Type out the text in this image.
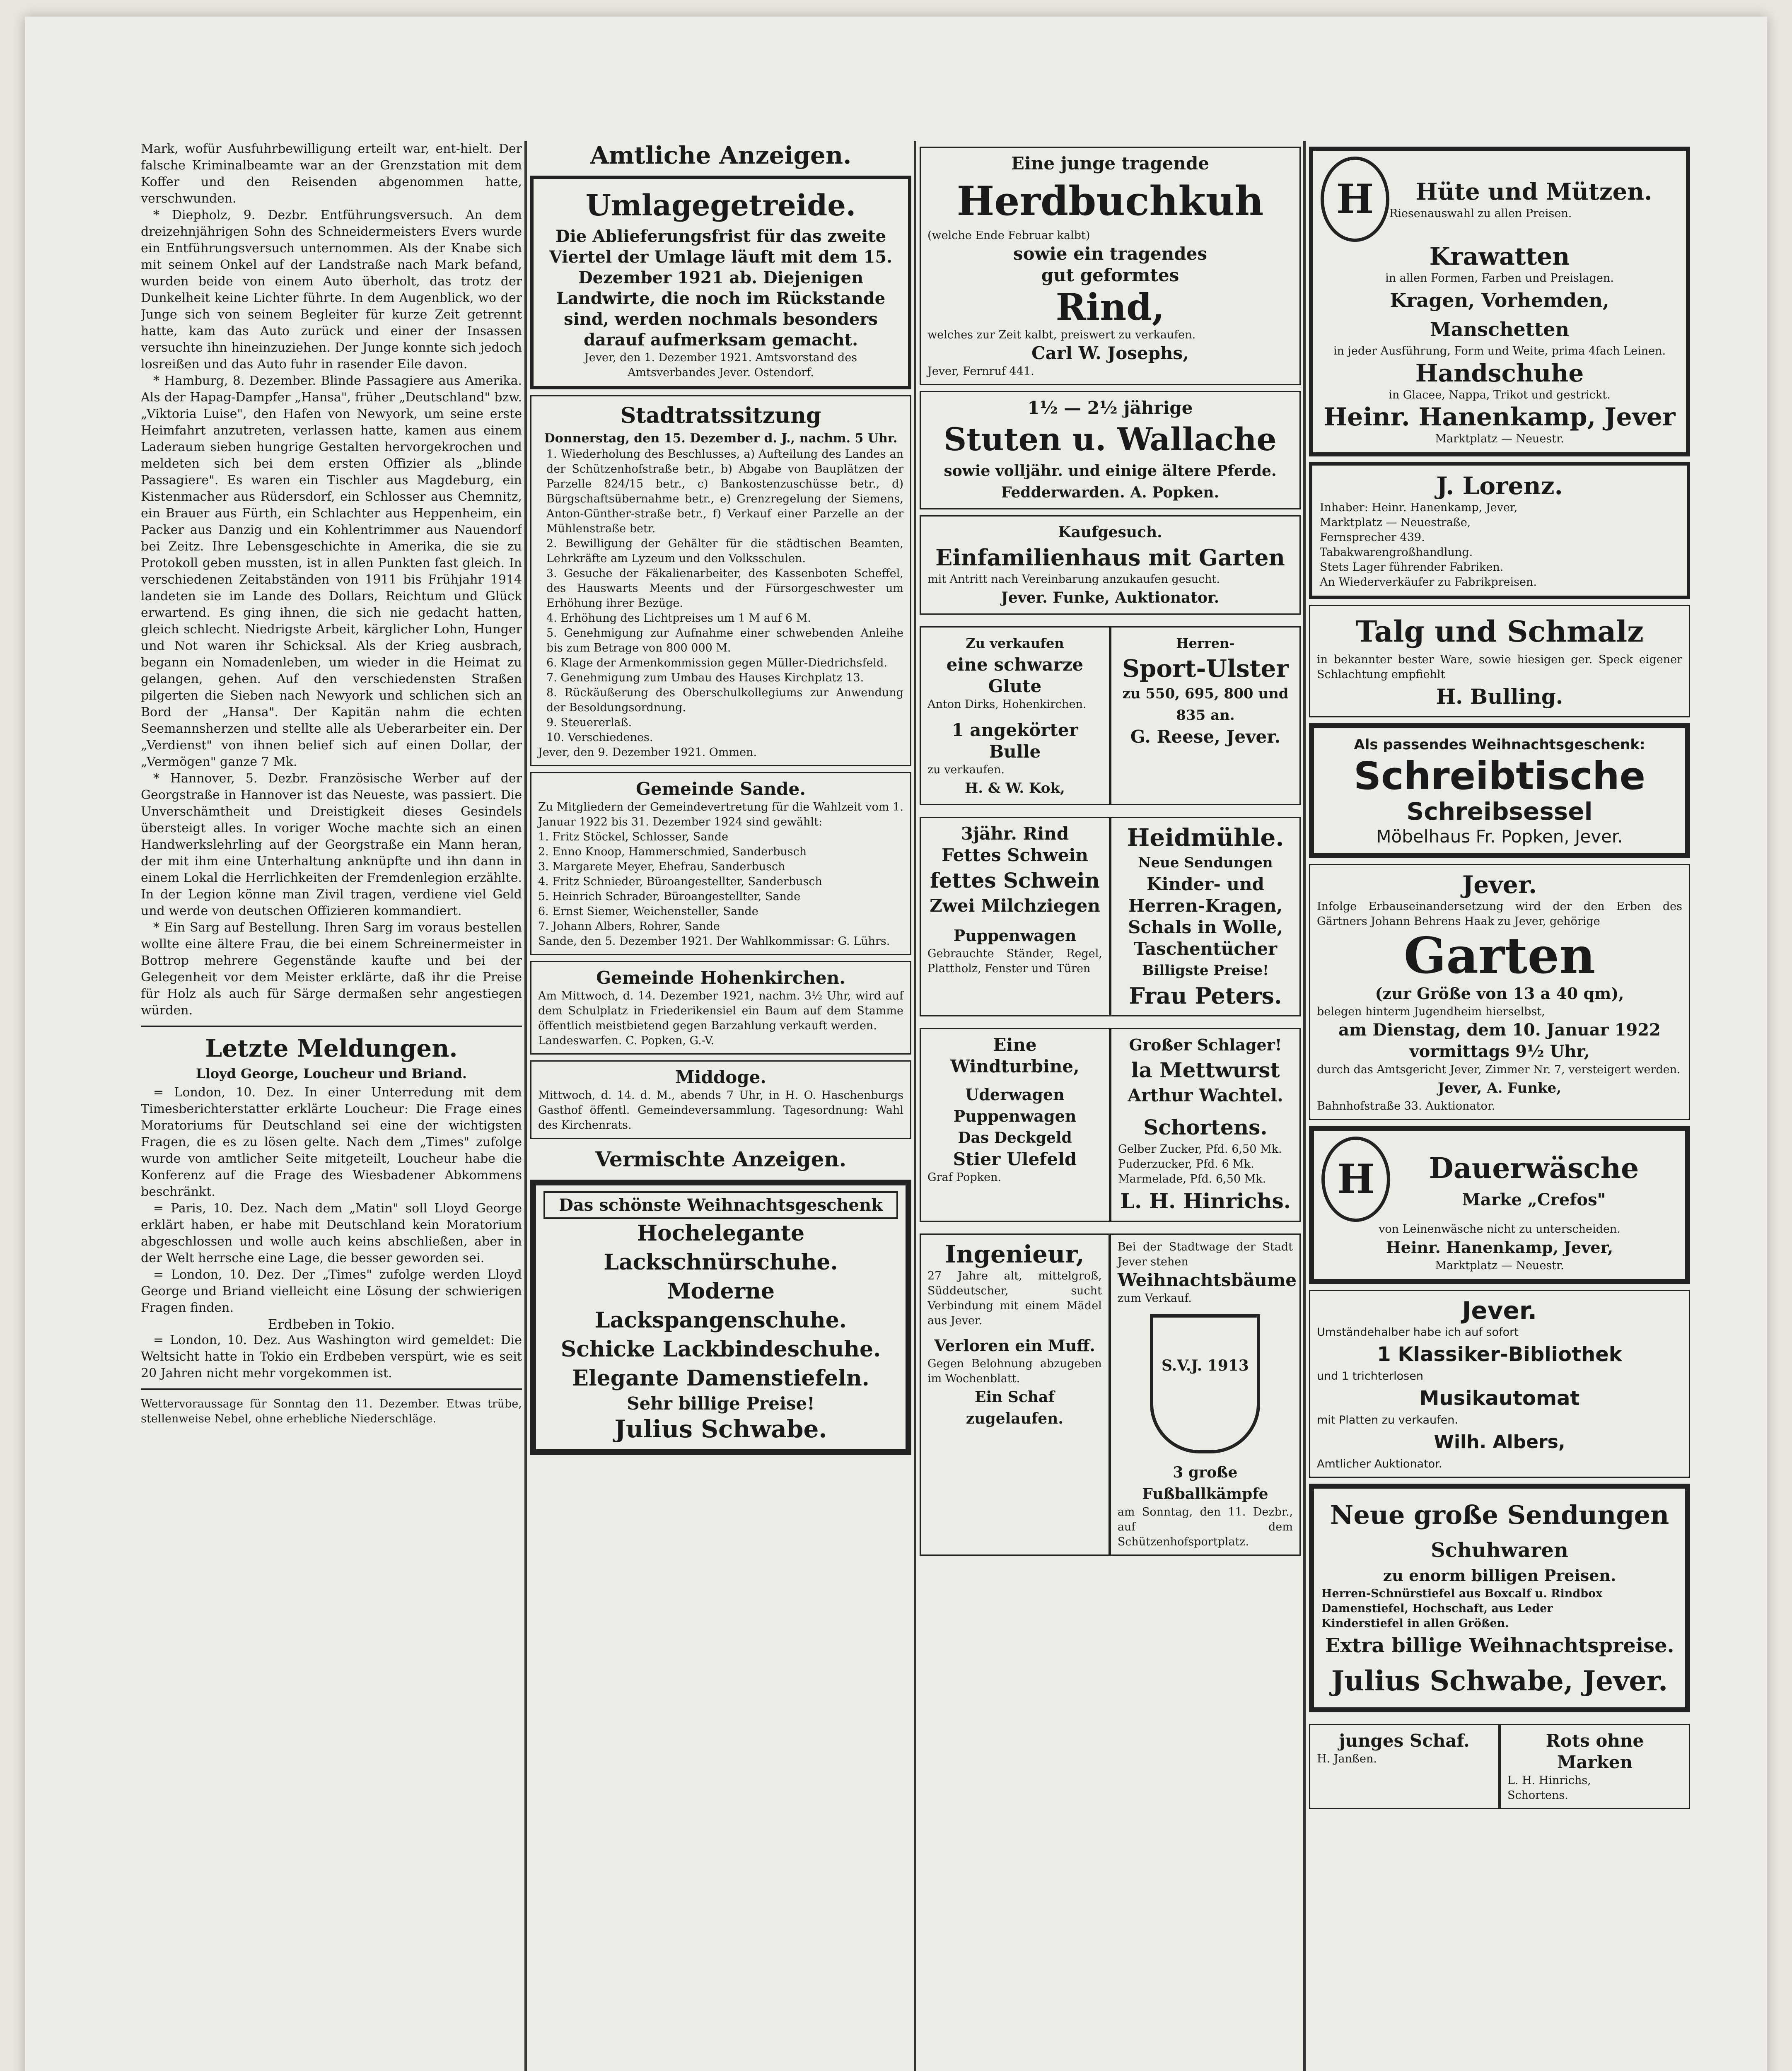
Mark, wofür Ausfuhrbewilligung erteilt war, ent-hielt. Der falsche Kriminalbeamte war an der Grenzstation mit dem Koffer und den Reisenden abgenommen hatte, verschwunden.

* Diepholz, 9. Dezbr. Entführungsversuch. An dem dreizehnjährigen Sohn des Schneidermeisters Evers wurde ein Entführungsversuch unternommen. Als der Knabe sich mit seinem Onkel auf der Landstraße nach Mark befand, wurden beide von einem Auto überholt, das trotz der Dunkelheit keine Lichter führte. In dem Augenblick, wo der Junge sich von seinem Begleiter für kurze Zeit getrennt hatte, kam das Auto zurück und einer der Insassen versuchte ihn hineinzuziehen. Der Junge konnte sich jedoch losreißen und das Auto fuhr in rasender Eile davon.

* Hamburg, 8. Dezember. Blinde Passagiere aus Amerika. Als der Hapag-Dampfer „Hansa", früher „Deutschland" bzw. „Viktoria Luise", den Hafen von Newyork, um seine erste Heimfahrt anzutreten, verlassen hatte, kamen aus einem Laderaum sieben hungrige Gestalten hervorgekrochen und meldeten sich bei dem ersten Offizier als „blinde Passagiere". Es waren ein Tischler aus Magdeburg, ein Kistenmacher aus Rüdersdorf, ein Schlosser aus Chemnitz, ein Brauer aus Fürth, ein Schlachter aus Heppenheim, ein Packer aus Danzig und ein Kohlentrimmer aus Nauendorf bei Zeitz. Ihre Lebensgeschichte in Amerika, die sie zu Protokoll geben mussten, ist in allen Punkten fast gleich. In verschiedenen Zeitabständen von 1911 bis Frühjahr 1914 landeten sie im Lande des Dollars, Reichtum und Glück erwartend. Es ging ihnen, die sich nie gedacht hatten, gleich schlecht. Niedrigste Arbeit, kärglicher Lohn, Hunger und Not waren ihr Schicksal. Als der Krieg ausbrach, begann ein Nomadenleben, um wieder in die Heimat zu gelangen, gehen. Auf den verschiedensten Straßen pilgerten die Sieben nach Newyork und schlichen sich an Bord der „Hansa". Der Kapitän nahm die echten Seemannsherzen und stellte alle als Ueberarbeiter ein. Der „Verdienst" von ihnen belief sich auf einen Dollar, der „Vermögen" ganze 7 Mk.

* Hannover, 5. Dezbr. Französische Werber auf der Georgstraße in Hannover ist das Neueste, was passiert. Die Unverschämtheit und Dreistigkeit dieses Gesindels übersteigt alles. In voriger Woche machte sich an einen Handwerkslehrling auf der Georgstraße ein Mann heran, der mit ihm eine Unterhaltung anknüpfte und ihn dann in einem Lokal die Herrlichkeiten der Fremdenlegion erzählte. In der Legion könne man Zivil tragen, verdiene viel Geld und werde von deutschen Offizieren kommandiert.

* Ein Sarg auf Bestellung. Ihren Sarg im voraus bestellen wollte eine ältere Frau, die bei einem Schreinermeister in Bottrop mehrere Gegenstände kaufte und bei der Gelegenheit vor dem Meister erklärte, daß ihr die Preise für Holz als auch für Särge dermaßen sehr angestiegen würden.

Letzte Meldungen.

Lloyd George, Loucheur und Briand.

= London, 10. Dez. In einer Unterredung mit dem Timesberichterstatter erklärte Loucheur: Die Frage eines Moratoriums für Deutschland sei eine der wichtigsten Fragen, die es zu lösen gelte. Nach dem „Times" zufolge wurde von amtlicher Seite mitgeteilt, Loucheur habe die Konferenz auf die Frage des Wiesbadener Abkommens beschränkt.

= Paris, 10. Dez. Nach dem „Matin" soll Lloyd George erklärt haben, er habe mit Deutschland kein Moratorium abgeschlossen und wolle auch keins abschließen, aber in der Welt herrsche eine Lage, die besser geworden sei.

= London, 10. Dez. Der „Times" zufolge werden Lloyd George und Briand vielleicht eine Lösung der schwierigen Fragen finden.

Erdbeben in Tokio.

= London, 10. Dez. Aus Washington wird gemeldet: Die Weltsicht hatte in Tokio ein Erdbeben verspürt, wie es seit 20 Jahren nicht mehr vorgekommen ist.

Wettervoraussage für Sonntag den 11. Dezember. Etwas trübe, stellenweise Nebel, ohne erhebliche Niederschläge.

Amtliche Anzeigen.

Umlagegetreide.

Die Ablieferungsfrist für das zweite Viertel der Umlage läuft mit dem 15. Dezember 1921 ab. Diejenigen Landwirte, die noch im Rückstande sind, werden nochmals besonders darauf aufmerksam gemacht.

Jever, den 1. Dezember 1921. Amtsvorstand des Amtsverbandes Jever. Ostendorf.

Stadtratssitzung

Donnerstag, den 15. Dezember d. J., nachm. 5 Uhr.

1. Wiederholung des Beschlusses, a) Aufteilung des Landes an der Schützenhofstraße betr., b) Abgabe von Bauplätzen der Parzelle 824/15 betr., c) Bankostenzuschüsse betr., d) Bürgschaftsübernahme betr., e) Grenzregelung der Siemens, Anton-Günther-straße betr., f) Verkauf einer Parzelle an der Mühlenstraße betr.

2. Bewilligung der Gehälter für die städtischen Beamten, Lehrkräfte am Lyzeum und den Volksschulen.

3. Gesuche der Fäkalienarbeiter, des Kassenboten Scheffel, des Hauswarts Meents und der Fürsorgeschwester um Erhöhung ihrer Bezüge.

4. Erhöhung des Lichtpreises um 1 M auf 6 M.

5. Genehmigung zur Aufnahme einer schwebenden Anleihe bis zum Betrage von 800 000 M.

6. Klage der Armenkommission gegen Müller-Diedrichsfeld.

7. Genehmigung zum Umbau des Hauses Kirchplatz 13.

8. Rückäußerung des Oberschulkollegiums zur Anwendung der Besoldungsordnung.

9. Steuererlaß.

10. Verschiedenes.

Jever, den 9. Dezember 1921. Ommen.

Gemeinde Sande.

Zu Mitgliedern der Gemeindevertretung für die Wahlzeit vom 1. Januar 1922 bis 31. Dezember 1924 sind gewählt:

1. Fritz Stöckel, Schlosser, Sande

2. Enno Knoop, Hammerschmied, Sanderbusch

3. Margarete Meyer, Ehefrau, Sanderbusch

4. Fritz Schnieder, Büroangestellter, Sanderbusch

5. Heinrich Schrader, Büroangestellter, Sande

6. Ernst Siemer, Weichensteller, Sande

7. Johann Albers, Rohrer, Sande

Sande, den 5. Dezember 1921. Der Wahlkommissar: G. Lührs.

Gemeinde Hohenkirchen.

Am Mittwoch, d. 14. Dezember 1921, nachm. 3½ Uhr, wird auf dem Schulplatz in Friederikensiel ein Baum auf dem Stamme öffentlich meistbietend gegen Barzahlung verkauft werden.

Landeswarfen. C. Popken, G.-V.

Middoge.

Mittwoch, d. 14. d. M., abends 7 Uhr, in H. O. Haschenburgs Gasthof öffentl. Gemeindeversammlung. Tagesordnung: Wahl des Kirchenrats.

Vermischte Anzeigen.

Das schönste Weihnachtsgeschenk

Hochelegante Lackschnürschuhe.

Moderne Lackspangenschuhe.

Schicke Lackbindeschuhe.

Elegante Damenstiefeln.

Sehr billige Preise!

Julius Schwabe.

Eine junge tragende

Herdbuchkuh

(welche Ende Februar kalbt)

sowie ein tragendes

gut geformtes

Rind,

welches zur Zeit kalbt, preiswert zu verkaufen.

Carl W. Josephs,

Jever, Fernruf 441.

1½ — 2½ jährige

Stuten u. Wallache

sowie volljähr. und einige ältere Pferde.

Fedderwarden. A. Popken.

Kaufgesuch.

Einfamilienhaus mit Garten

mit Antritt nach Vereinbarung anzukaufen gesucht.

Jever. Funke, Auktionator.

Zu verkaufen

eine schwarze Glute

Anton Dirks, Hohenkirchen.

1 angekörter Bulle

zu verkaufen.

H. & W. Kok,

Herren-

Sport-Ulster

zu 550, 695, 800 und 835 an.

G. Reese, Jever.

3jähr. Rind

Fettes Schwein

fettes Schwein

Zwei Milchziegen

Puppenwagen

Gebrauchte Ständer, Regel, Plattholz, Fenster und Türen

Heidmühle.

Neue Sendungen

Kinder- und

Herren-Kragen,

Schals in Wolle,

Taschentücher

Billigste Preise!

Frau Peters.

Eine Windturbine,

Uderwagen

Puppenwagen

Das Deckgeld

Stier Ulefeld

Graf Popken.

Großer Schlager!

la Mettwurst

Arthur Wachtel.

Schortens.

Gelber Zucker, Pfd. 6,50 Mk.

Puderzucker, Pfd. 6 Mk.

Marmelade, Pfd. 6,50 Mk.

L. H. Hinrichs.

Ingenieur,

27 Jahre alt, mittelgroß, Süddeutscher, sucht Verbindung mit einem Mädel aus Jever.

Verloren ein Muff.

Gegen Belohnung abzugeben im Wochenblatt.

Ein Schaf zugelaufen.

Bei der Stadtwage der Stadt Jever stehen

Weihnachtsbäume

zum Verkauf.

S.V.J. 1913

3 große Fußballkämpfe

am Sonntag, den 11. Dezbr., auf dem Schützenhofsportplatz.

H	Hüte und Mützen.

Riesenauswahl zu allen Preisen.

Krawatten

in allen Formen, Farben und Preislagen.

Kragen, Vorhemden, Manschetten

in jeder Ausführung, Form und Weite, prima 4fach Leinen.

Handschuhe

in Glacee, Nappa, Trikot und gestrickt.

Heinr. Hanenkamp, Jever

Marktplatz — Neuestr.

J. Lorenz.

Inhaber: Heinr. Hanenkamp, Jever,

Marktplatz — Neuestraße,

Fernsprecher 439.

Tabakwarengroßhandlung.

Stets Lager führender Fabriken.

An Wiederverkäufer zu Fabrikpreisen.

Talg und Schmalz

in bekannter bester Ware, sowie hiesigen ger. Speck eigener Schlachtung empfiehlt

H. Bulling.

Als passendes Weihnachtsgeschenk:

Schreibtische

Schreibsessel

Möbelhaus Fr. Popken, Jever.

Jever.

Infolge Erbauseinandersetzung wird der den Erben des Gärtners Johann Behrens Haak zu Jever, gehörige

Garten

(zur Größe von 13 a 40 qm),

belegen hinterm Jugendheim hierselbst,

am Dienstag, dem 10. Januar 1922

vormittags 9½ Uhr,

durch das Amtsgericht Jever, Zimmer Nr. 7, versteigert werden.

Jever, A. Funke,

Bahnhofstraße 33. Auktionator.

H	Dauerwäsche

Marke „Crefos"

von Leinenwäsche nicht zu unterscheiden.

Heinr. Hanenkamp, Jever,

Marktplatz — Neuestr.

Jever.

Umständehalber habe ich auf sofort

1 Klassiker-Bibliothek

und 1 trichterlosen

Musikautomat

mit Platten zu verkaufen.

Wilh. Albers,

Amtlicher Auktionator.

Neue große Sendungen

Schuhwaren

zu enorm billigen Preisen.

Herren-Schnürstiefel aus Boxcalf u. Rindbox

Damenstiefel, Hochschaft, aus Leder

Kinderstiefel in allen Größen.

Extra billige Weihnachtspreise.

Julius Schwabe, Jever.

junges Schaf.

H. Janßen.

Rots ohne Marken

L. H. Hinrichs,

Schortens.
